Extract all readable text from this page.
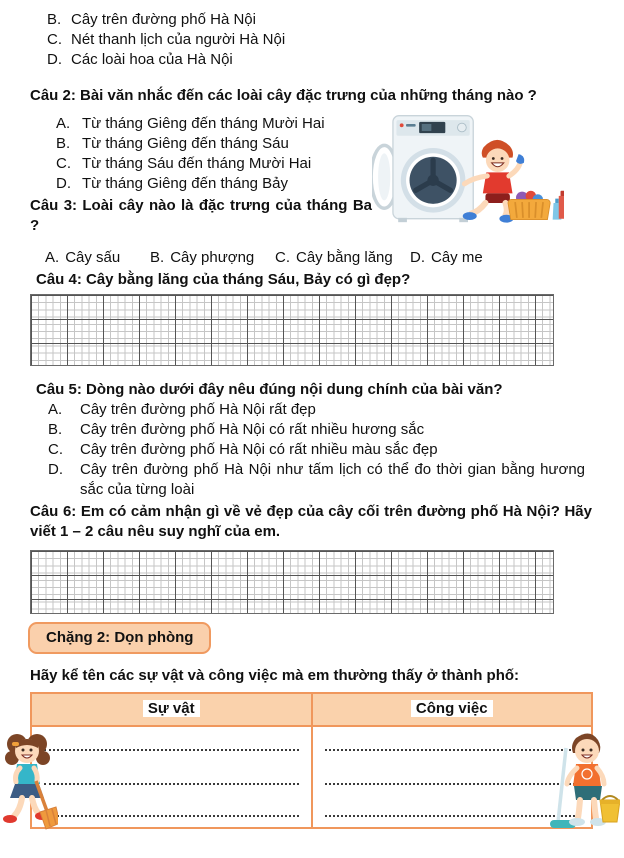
B. Cây trên đường phố Hà Nội
C. Nét thanh lịch của người Hà Nội
D. Các loài hoa của Hà Nội
Câu 2: Bài văn nhắc đến các loài cây đặc trưng của những tháng nào ?
A. Từ tháng Giêng đến tháng Mười Hai
B. Từ tháng Giêng đến tháng Sáu
C. Từ tháng Sáu đến tháng Mười Hai
D. Từ tháng Giêng đến tháng Bảy
Câu 3: Loài cây nào là đặc trưng của tháng Ba ?
A. Cây sấu B. Cây phượng C. Cây bằng lăng D. Cây me
Câu 4: Cây bằng lăng của tháng Sáu, Bảy có gì đẹp?
Câu 5: Dòng nào dưới đây nêu đúng nội dung chính của bài văn?
A.	Cây trên đường phố Hà Nội rất đẹp
B.	Cây trên đường phố Hà Nội có rất nhiều hương sắc
C.	Cây trên đường phố Hà Nội có rất nhiều màu sắc đẹp
D.	Cây trên đường phố Hà Nội như tấm lịch có thể đo thời gian bằng hương sắc của từng loài
Câu 6: Em có cảm nhận gì về vẻ đẹp của cây cối trên đường phố Hà Nội? Hãy viết 1 – 2 câu nêu suy nghĩ của em.
Chặng 2: Dọn phòng
Hãy kể tên các sự vật và công việc mà em thường thấy ở thành phố:
Sự vật	Công việc
